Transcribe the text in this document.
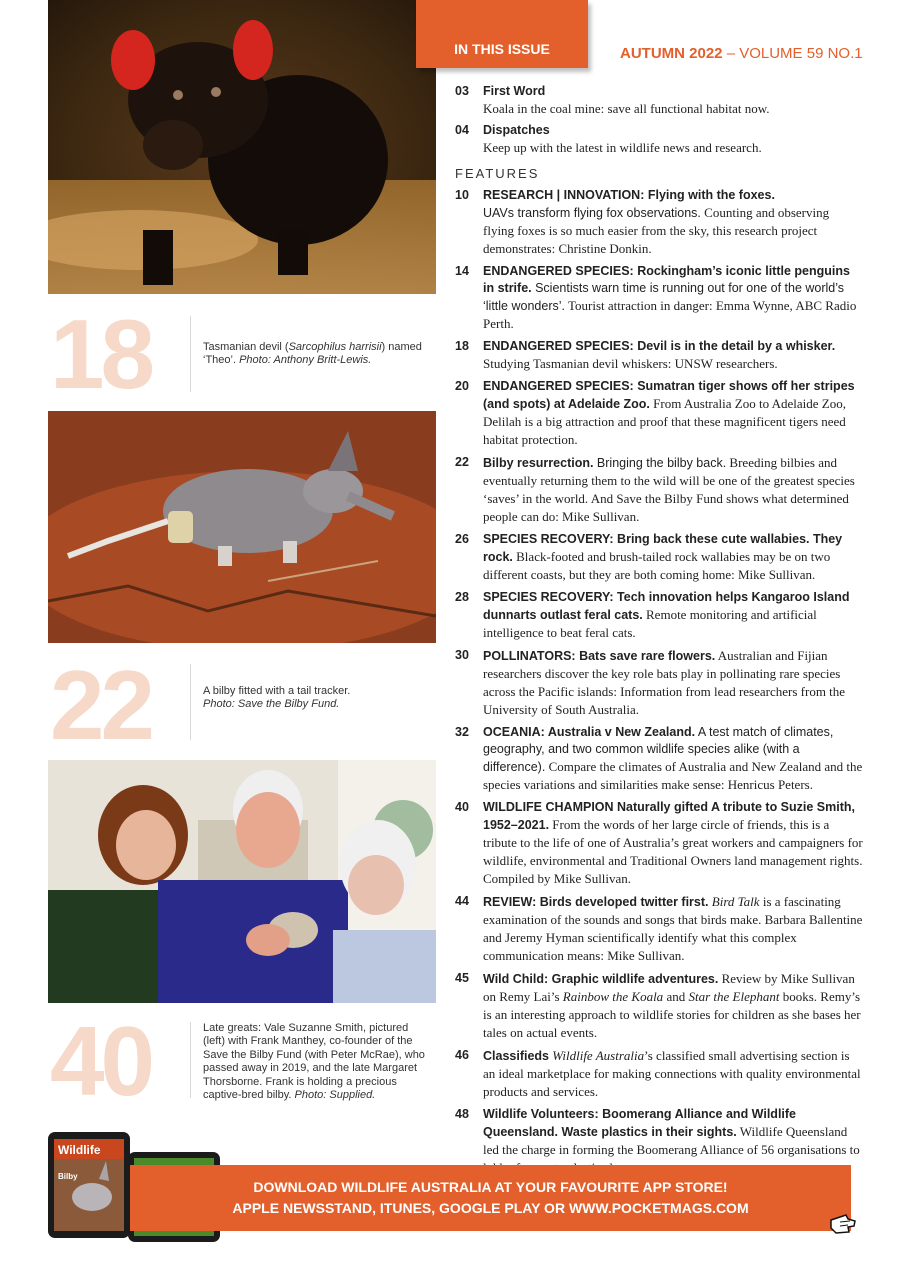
18	Tasmanian devil (Sarcophilus harrisii) named ‘Theo’. Photo: Anthony Britt-Lewis.
22	A bilby fitted with a tail tracker.
Photo: Save the Bilby Fund.
40	Late greats: Vale Suzanne Smith, pictured (left) with Frank Manthey, co-founder of the Save the Bilby Fund (with Peter McRae), who passed away in 2019, and the late Margaret Thorsborne. Frank is holding a precious captive-bred bilby. Photo: Supplied.
IN THIS ISSUE	AUTUMN 2022 – VOLUME 59 NO.1
03	First Word
Koala in the coal mine: save all functional habitat now.
04	Dispatches
Keep up with the latest in wildlife news and research.
FEATURES
10	RESEARCH | INNOVATION: Flying with the foxes.
UAVs transform flying fox observations. Counting and observing flying foxes is so much easier from the sky, this research project demonstrates: Christine Donkin.
14	ENDANGERED SPECIES: Rockingham’s iconic little penguins in strife. Scientists warn time is running out for one of the world’s ‘little wonders’. Tourist attraction in danger: Emma Wynne, ABC Radio Perth.
18	ENDANGERED SPECIES: Devil is in the detail by a whisker.
Studying Tasmanian devil whiskers: UNSW researchers.
20	ENDANGERED SPECIES: Sumatran tiger shows off her stripes (and spots) at Adelaide Zoo. From Australia Zoo to Adelaide Zoo, Delilah is a big attraction and proof that these magnificent tigers need habitat protection.
22	Bilby resurrection. Bringing the bilby back. Breeding bilbies and eventually returning them to the wild will be one of the greatest species ‘saves’ in the world. And Save the Bilby Fund shows what determined people can do: Mike Sullivan.
26	SPECIES RECOVERY: Bring back these cute wallabies. They rock. Black-footed and brush-tailed rock wallabies may be on two different coasts, but they are both coming home: Mike Sullivan.
28	SPECIES RECOVERY: Tech innovation helps Kangaroo Island dunnarts outlast feral cats. Remote monitoring and artificial intelligence to beat feral cats.
30	POLLINATORS: Bats save rare flowers. Australian and Fijian researchers discover the key role bats play in pollinating rare species across the Pacific islands: Information from lead researchers from the University of South Australia.
32	OCEANIA: Australia v New Zealand. A test match of climates, geography, and two common wildlife species alike (with a difference). Compare the climates of Australia and New Zealand and the species variations and similarities make sense: Henricus Peters.
40	WILDLIFE CHAMPION Naturally gifted A tribute to Suzie Smith, 1952–2021. From the words of her large circle of friends, this is a tribute to the life of one of Australia’s great workers and campaigners for wildlife, environmental and Traditional Owners land management rights. Compiled by Mike Sullivan.
44	REVIEW: Birds developed twitter first. Bird Talk is a fascinating examination of the sounds and songs that birds make. Barbara Ballentine and Jeremy Hyman scientifically identify what this complex communication means: Mike Sullivan.
45	Wild Child: Graphic wildlife adventures. Review by Mike Sullivan on Remy Lai’s Rainbow the Koala and Star the Elephant books. Remy’s is an interesting approach to wildlife stories for children as she bases her tales on actual events.
46	Classifieds Wildlife Australia’s classified small advertising section is an ideal marketplace for making connections with quality environmental products and services.
48	Wildlife Volunteers: Boomerang Alliance and Wildlife Queensland. Waste plastics in their sights. Wildlife Queensland led the charge in forming the Boomerang Alliance of 56 organisations to
Wildlife
Bilby
DOWNLOAD WILDLIFE AUSTRALIA AT YOUR FAVOURITE APP STORE!
APPLE NEWSSTAND, ITUNES, GOOGLE PLAY OR WWW.POCKETMAGS.COM
